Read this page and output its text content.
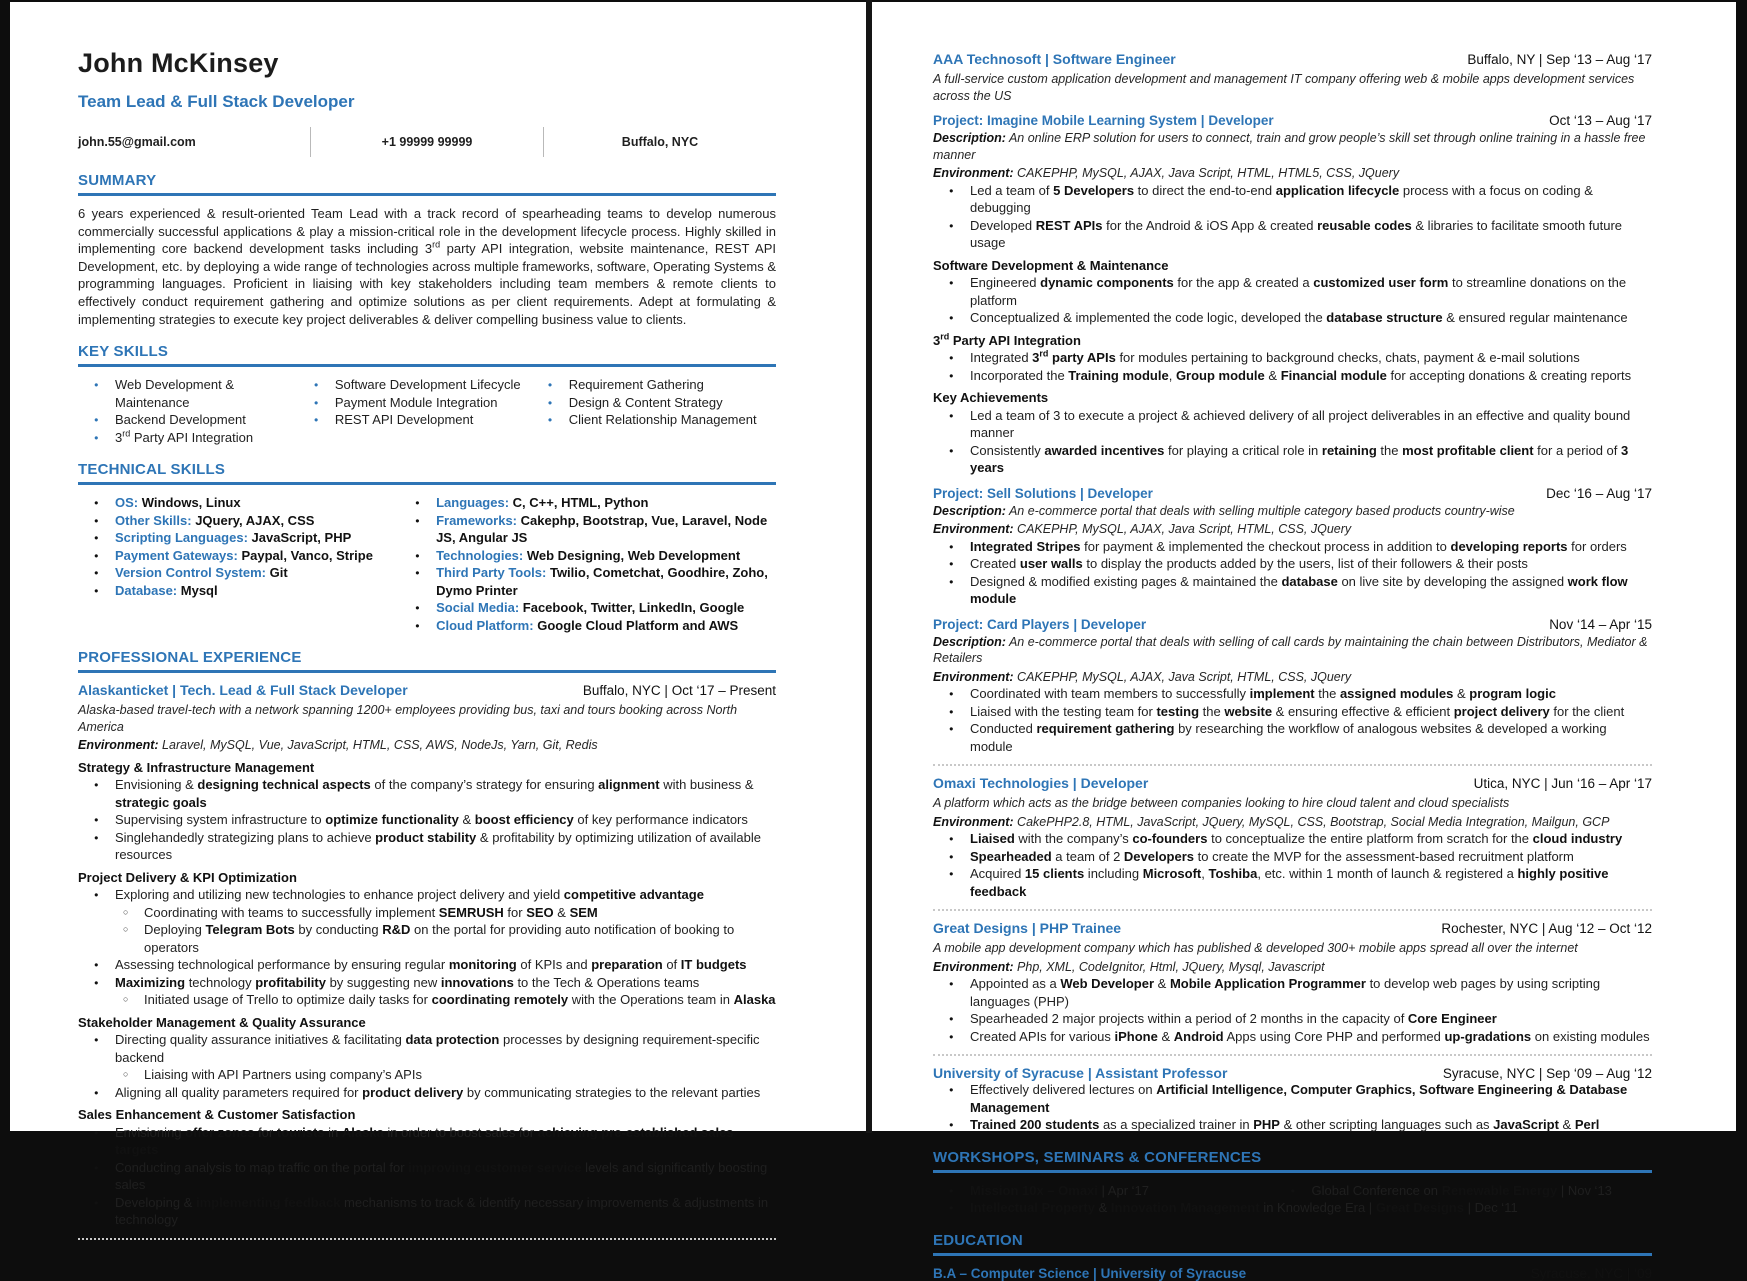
John McKinsey
Team Lead & Full Stack Developer
john.55@gmail.com	+1 99999 99999	Buffalo, NYC
SUMMARY

6 years experienced & result-oriented Team Lead with a track record of spearheading teams to develop numerous commercially successful applications & play a mission-critical role in the development lifecycle process. Highly skilled in implementing core backend development tasks including 3rd party API integration, website maintenance, REST API Development, etc. by deploying a wide range of technologies across multiple frameworks, software, Operating Systems & programming languages. Proficient in liaising with key stakeholders including team members & remote clients to effectively conduct requirement gathering and optimize solutions as per client requirements. Adept at formulating & implementing strategies to execute key project deliverables & deliver compelling business value to clients.

KEY SKILLS
● Web Development & Maintenance
● Backend Development
● 3rd Party API Integration
● Software Development Lifecycle
● Payment Module Integration
● REST API Development
● Requirement Gathering
● Design & Content Strategy
● Client Relationship Management
TECHNICAL SKILLS
● OS: Windows, Linux
● Other Skills: JQuery, AJAX, CSS
● Scripting Languages: JavaScript, PHP
● Payment Gateways: Paypal, Vanco, Stripe
● Version Control System: Git
● Database: Mysql
● Languages: C, C++, HTML, Python
● Frameworks: Cakephp, Bootstrap, Vue, Laravel, Node JS, Angular JS
● Technologies: Web Designing, Web Development
● Third Party Tools: Twilio, Cometchat, Goodhire, Zoho, Dymo Printer
● Social Media: Facebook, Twitter, LinkedIn, Google
● Cloud Platform: Google Cloud Platform and AWS
PROFESSIONAL EXPERIENCE
Alaskanticket | Tech. Lead & Full Stack Developer	Buffalo, NYC | Oct ‘17 – Present
Alaska-based travel-tech with a network spanning 1200+ employees providing bus, taxi and tours booking across North America
Environment: Laravel, MySQL, Vue, JavaScript, HTML, CSS, AWS, NodeJs, Yarn, Git, Redis
Strategy & Infrastructure Management
● Envisioning & designing technical aspects of the company’s strategy for ensuring alignment with business & strategic goals
● Supervising system infrastructure to optimize functionality & boost efficiency of key performance indicators
● Singlehandedly strategizing plans to achieve product stability & profitability by optimizing utilization of available resources
Project Delivery & KPI Optimization
● Exploring and utilizing new technologies to enhance project delivery and yield competitive advantage
○ Coordinating with teams to successfully implement SEMRUSH for SEO & SEM
○ Deploying Telegram Bots by conducting R&D on the portal for providing auto notification of booking to operators
● Assessing technological performance by ensuring regular monitoring of KPIs and preparation of IT budgets
● Maximizing technology profitability by suggesting new innovations to the Tech & Operations teams
○ Initiated usage of Trello to optimize daily tasks for coordinating remotely with the Operations team in Alaska
Stakeholder Management & Quality Assurance
● Directing quality assurance initiatives & facilitating data protection processes by designing requirement-specific backend
○ Liaising with API Partners using company’s APIs
● Aligning all quality parameters required for product delivery by communicating strategies to the relevant parties
Sales Enhancement & Customer Satisfaction
● Envisioning offer zones for tourists in Alaska in order to boost sales for achieving pre-established sales targets
● Conducting analysis to map traffic on the portal for improving customer service levels and significantly boosting sales
● Developing & implementing feedback mechanisms to track & identify necessary improvements & adjustments in technology
AAA Technosoft | Software Engineer	Buffalo, NY | Sep ‘13 – Aug ‘17
A full-service custom application development and management IT company offering web & mobile apps development services across the US
Project: Imagine Mobile Learning System | Developer	Oct ‘13 – Aug ‘17
Description: An online ERP solution for users to connect, train and grow people’s skill set through online training in a hassle free manner
Environment: CAKEPHP, MySQL, AJAX, Java Script, HTML, HTML5, CSS, JQuery
● Led a team of 5 Developers to direct the end-to-end application lifecycle process with a focus on coding & debugging
● Developed REST APIs for the Android & iOS App & created reusable codes & libraries to facilitate smooth future usage
Software Development & Maintenance
● Engineered dynamic components for the app & created a customized user form to streamline donations on the platform
● Conceptualized & implemented the code logic, developed the database structure & ensured regular maintenance
3rd Party API Integration
● Integrated 3rd party APIs for modules pertaining to background checks, chats, payment & e-mail solutions
● Incorporated the Training module, Group module & Financial module for accepting donations & creating reports
Key Achievements
● Led a team of 3 to execute a project & achieved delivery of all project deliverables in an effective and quality bound manner
● Consistently awarded incentives for playing a critical role in retaining the most profitable client for a period of 3 years
Project: Sell Solutions | Developer	Dec ‘16 – Aug ‘17
Description: An e-commerce portal that deals with selling multiple category based products country-wise
Environment: CAKEPHP, MySQL, AJAX, Java Script, HTML, CSS, JQuery
● Integrated Stripes for payment & implemented the checkout process in addition to developing reports for orders
● Created user walls to display the products added by the users, list of their followers & their posts
● Designed & modified existing pages & maintained the database on live site by developing the assigned work flow module
Project: Card Players | Developer	Nov ‘14 – Apr ‘15
Description: An e-commerce portal that deals with selling of call cards by maintaining the chain between Distributors, Mediator & Retailers
Environment: CAKEPHP, MySQL, AJAX, Java Script, HTML, CSS, JQuery
● Coordinated with team members to successfully implement the assigned modules & program logic
● Liaised with the testing team for testing the website & ensuring effective & efficient project delivery for the client
● Conducted requirement gathering by researching the workflow of analogous websites & developed a working module
Omaxi Technologies | Developer	Utica, NYC | Jun ‘16 – Apr ‘17
A platform which acts as the bridge between companies looking to hire cloud talent and cloud specialists
Environment: CakePHP2.8, HTML, JavaScript, JQuery, MySQL, CSS, Bootstrap, Social Media Integration, Mailgun, GCP
● Liaised with the company’s co-founders to conceptualize the entire platform from scratch for the cloud industry
● Spearheaded a team of 2 Developers to create the MVP for the assessment-based recruitment platform
● Acquired 15 clients including Microsoft, Toshiba, etc. within 1 month of launch & registered a highly positive feedback
Great Designs | PHP Trainee	Rochester, NYC | Aug ‘12 – Oct ‘12
A mobile app development company which has published & developed 300+ mobile apps spread all over the internet
Environment: Php, XML, CodeIgnitor, Html, JQuery, Mysql, Javascript
● Appointed as a Web Developer & Mobile Application Programmer to develop web pages by using scripting languages (PHP)
● Spearheaded 2 major projects within a period of 2 months in the capacity of Core Engineer
● Created APIs for various iPhone & Android Apps using Core PHP and performed up-gradations on existing modules
University of Syracuse | Assistant Professor	Syracuse, NYC | Sep ‘09 – Aug ‘12
● Effectively delivered lectures on Artificial Intelligence, Computer Graphics, Software Engineering & Database Management
● Trained 200 students as a specialized trainer in PHP & other scripting languages such as JavaScript & Perl
WORKSHOPS, SEMINARS & CONFERENCES
● Mission 10x – Omaxi | Apr ‘17	● Global Conference on Renewable Energy | Nov ‘13
● Intellectual Property & Innovation Management in Knowledge Era | Great Designs | Dec ‘11
EDUCATION
B.A – Computer Science | University of Syracuse	Syracuse, NYC | ‘09
